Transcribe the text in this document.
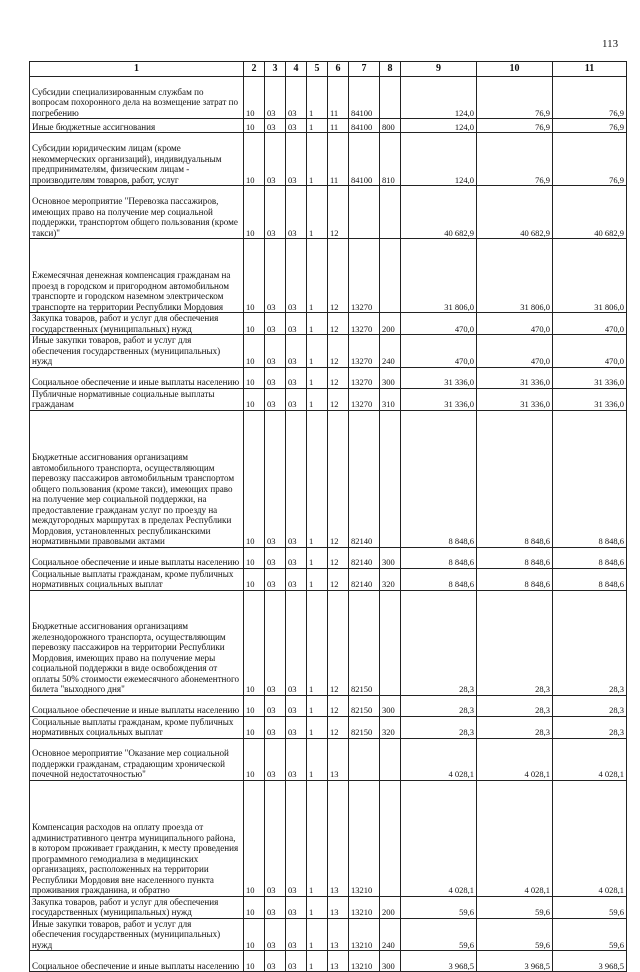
113
1	2	3	4	5	6	7	8	9	10	11
Субсидии специализированным службам по вопросам похоронного дела на возмещение затрат по погребению	10	03	03	1	11	84100		124,0	76,9	76,9
Иные бюджетные ассигнования	10	03	03	1	11	84100	800	124,0	76,9	76,9
Субсидии юридическим лицам (кроме некоммерческих организаций), индивидуальным предпринимателям, физическим лицам - производителям товаров, работ, услуг	10	03	03	1	11	84100	810	124,0	76,9	76,9
Основное мероприятие "Перевозка пассажиров, имеющих право на получение мер социальной поддержки, транспортом общего пользования (кроме такси)"	10	03	03	1	12			40 682,9	40 682,9	40 682,9
Ежемесячная денежная компенсация гражданам на проезд в городском и пригородном автомобильном транспорте и городском наземном электрическом транспорте на территории Республики Мордовия	10	03	03	1	12	13270		31 806,0	31 806,0	31 806,0
Закупка товаров, работ и услуг для обеспечения государственных (муниципальных) нужд	10	03	03	1	12	13270	200	470,0	470,0	470,0
Иные закупки товаров, работ и услуг для обеспечения государственных (муниципальных) нужд	10	03	03	1	12	13270	240	470,0	470,0	470,0
Социальное обеспечение и иные выплаты населению	10	03	03	1	12	13270	300	31 336,0	31 336,0	31 336,0
Публичные нормативные социальные выплаты гражданам	10	03	03	1	12	13270	310	31 336,0	31 336,0	31 336,0
Бюджетные ассигнования организациям автомобильного транспорта, осуществляющим перевозку пассажиров автомобильным транспортом общего пользования (кроме такси), имеющих право на получение мер социальной поддержки, на предоставление гражданам услуг по проезду на междугородных маршрутах в пределах Республики Мордовия, установленных республиканскими нормативными правовыми актами	10	03	03	1	12	82140		8 848,6	8 848,6	8 848,6
Социальное обеспечение и иные выплаты населению	10	03	03	1	12	82140	300	8 848,6	8 848,6	8 848,6
Социальные выплаты гражданам, кроме публичных нормативных социальных выплат	10	03	03	1	12	82140	320	8 848,6	8 848,6	8 848,6
Бюджетные ассигнования организациям железнодорожного транспорта, осуществляющим перевозку пассажиров на территории Республики Мордовия, имеющих право на получение меры социальной поддержки в виде освобождения от оплаты 50% стоимости ежемесячного абонементного билета "выходного дня"	10	03	03	1	12	82150		28,3	28,3	28,3
Социальное обеспечение и иные выплаты населению	10	03	03	1	12	82150	300	28,3	28,3	28,3
Социальные выплаты гражданам, кроме публичных нормативных социальных выплат	10	03	03	1	12	82150	320	28,3	28,3	28,3
Основное мероприятие "Оказание мер социальной поддержки гражданам, страдающим хронической почечной недостаточностью"	10	03	03	1	13			4 028,1	4 028,1	4 028,1
Компенсация расходов на оплату проезда от административного центра муниципального района, в котором проживает гражданин, к месту проведения программного гемодиализа в медицинских организациях, расположенных на территории Республики Мордовия вне населенного пункта проживания гражданина, и обратно	10	03	03	1	13	13210		4 028,1	4 028,1	4 028,1
Закупка товаров, работ и услуг для обеспечения государственных (муниципальных) нужд	10	03	03	1	13	13210	200	59,6	59,6	59,6
Иные закупки товаров, работ и услуг для обеспечения государственных (муниципальных) нужд	10	03	03	1	13	13210	240	59,6	59,6	59,6
Социальное обеспечение и иные выплаты населению	10	03	03	1	13	13210	300	3 968,5	3 968,5	3 968,5
